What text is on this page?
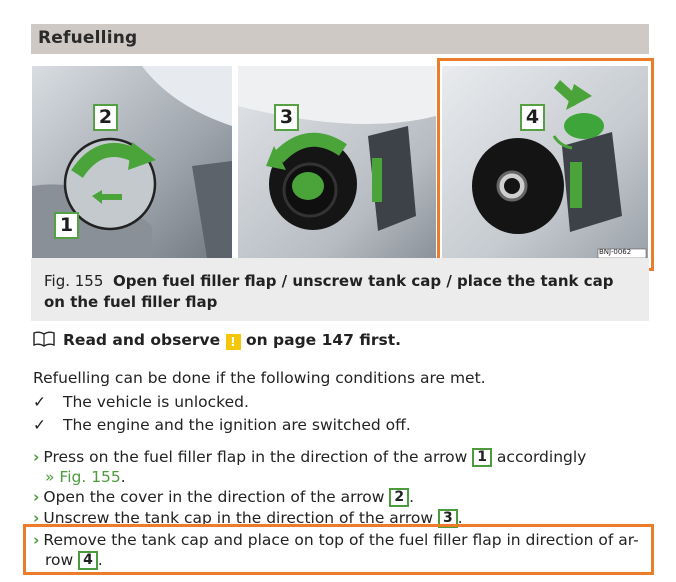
Refuelling
2
1
3
BNJ-0062
4
Fig. 155 Open fuel filler flap / unscrew tank cap / place the tank cap on the fuel filler flap
Read and observe ! on page 147 first.
Refuelling can be done if the following conditions are met.
✓ The vehicle is unlocked.
✓ The engine and the ignition are switched off.
› Press on the fuel filler flap in the direction of the arrow 1 accordingly
» Fig. 155.
› Open the cover in the direction of the arrow 2 .
› Unscrew the tank cap in the direction of the arrow 3 .
› Remove the tank cap and place on top of the fuel filler flap in direction of ar-
row 4 .
